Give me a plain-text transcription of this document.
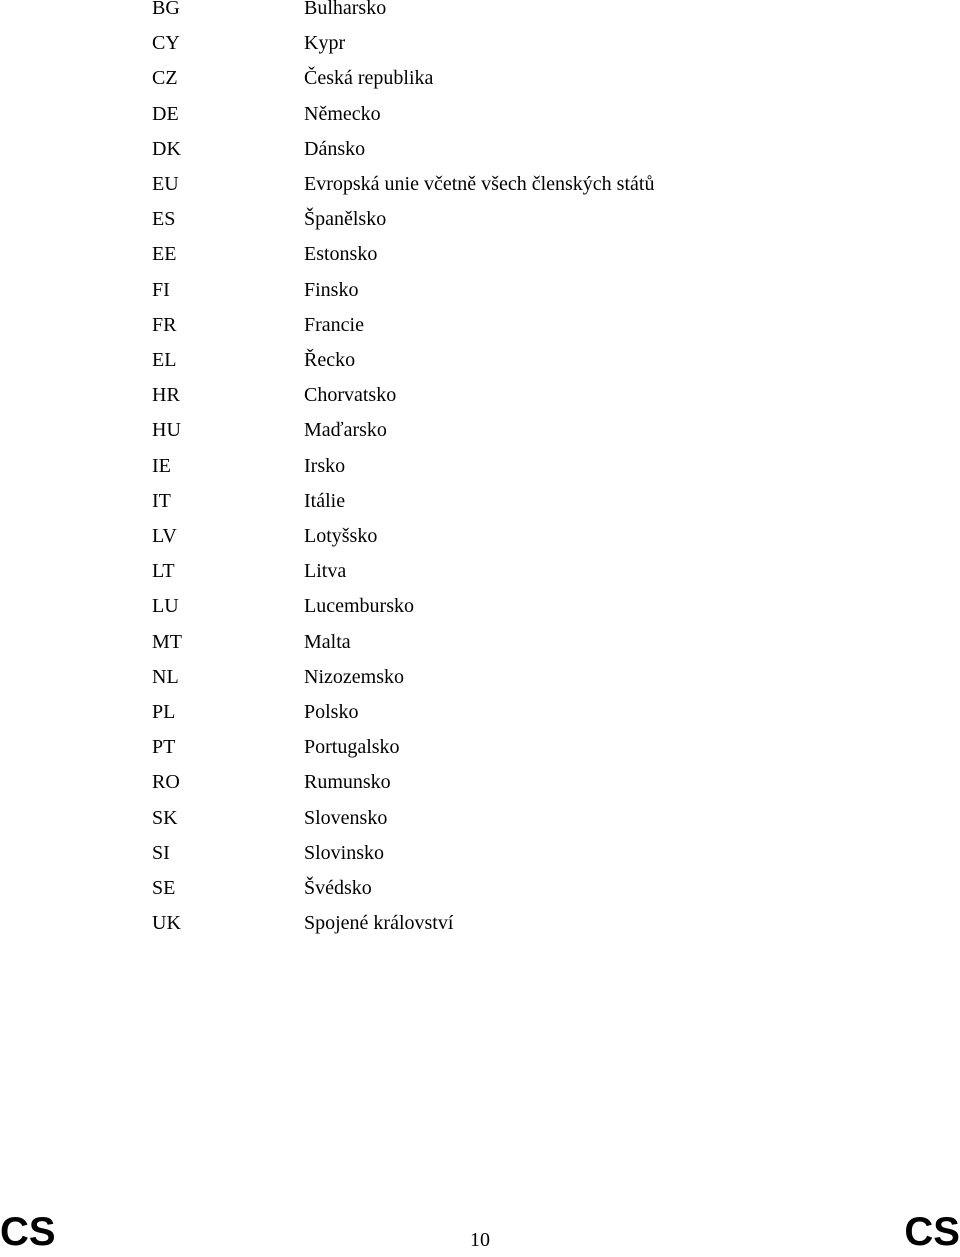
BG	Bulharsko
CY	Kypr
CZ	Česká republika
DE	Německo
DK	Dánsko
EU	Evropská unie včetně všech členských států
ES	Španělsko
EE	Estonsko
FI	Finsko
FR	Francie
EL	Řecko
HR	Chorvatsko
HU	Maďarsko
IE	Irsko
IT	Itálie
LV	Lotyšsko
LT	Litva
LU	Lucembursko
MT	Malta
NL	Nizozemsko
PL	Polsko
PT	Portugalsko
RO	Rumunsko
SK	Slovensko
SI	Slovinsko
SE	Švédsko
UK	Spojené království
CS	10	CS
